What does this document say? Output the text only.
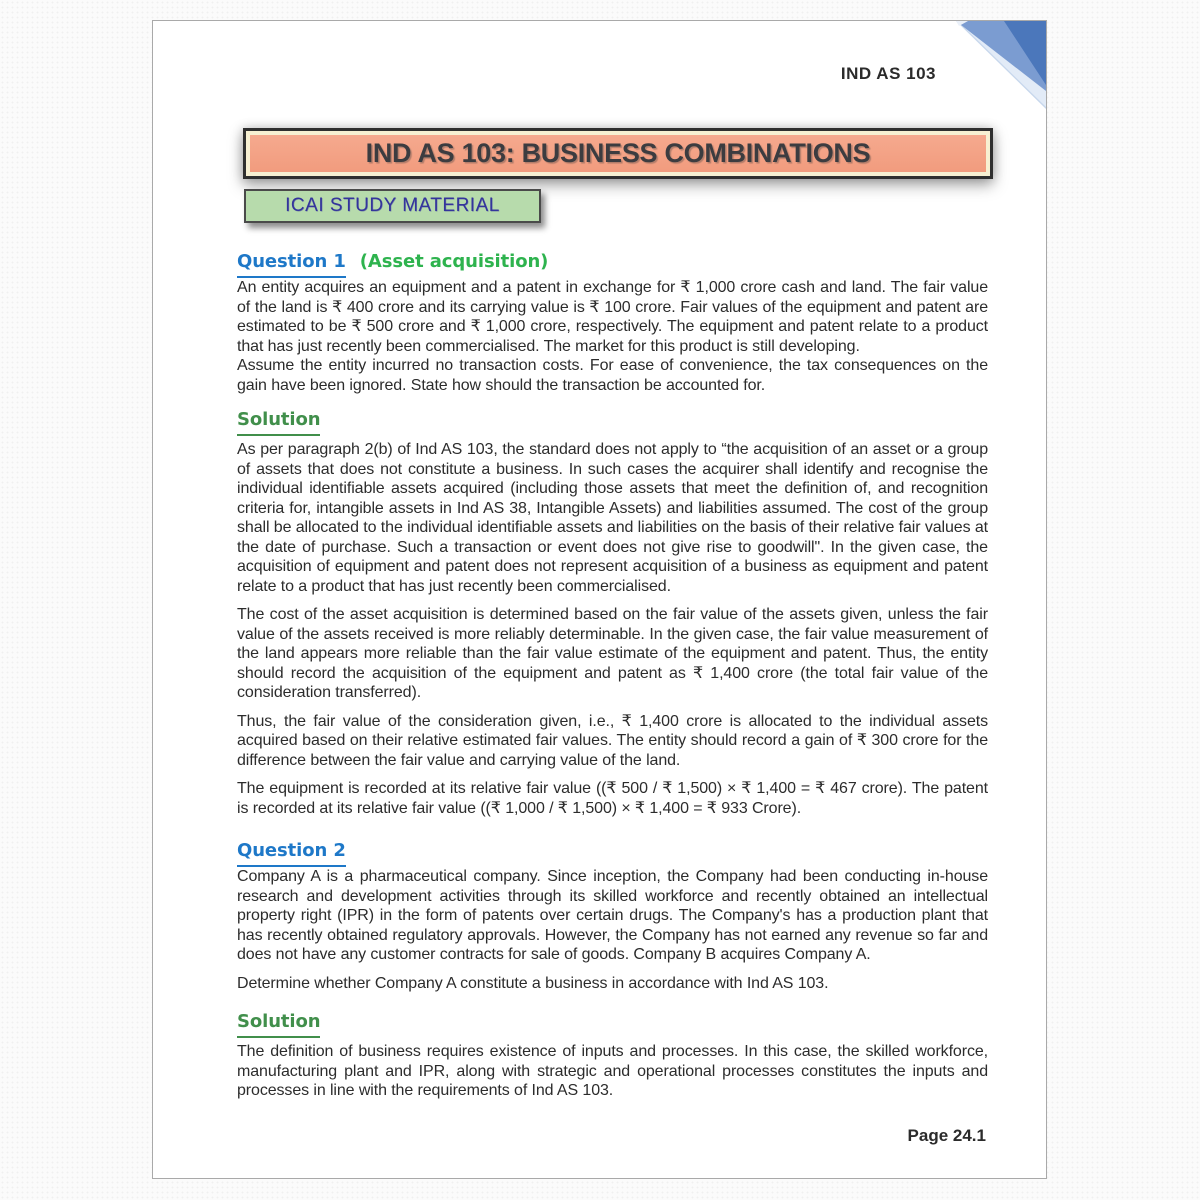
IND AS 103
IND AS 103: BUSINESS COMBINATIONS
ICAI STUDY MATERIAL
Question 1 (Asset acquisition)

An entity acquires an equipment and a patent in exchange for ₹ 1,000 crore cash and land. The fair value of the land is ₹ 400 crore and its carrying value is ₹ 100 crore. Fair values of the equipment and patent are estimated to be ₹ 500 crore and ₹ 1,000 crore, respectively. The equipment and patent relate to a product that has just recently been commercialised. The market for this product is still developing.

Assume the entity incurred no transaction costs. For ease of convenience, the tax consequences on the gain have been ignored. State how should the transaction be accounted for.

Solution

As per paragraph 2(b) of Ind AS 103, the standard does not apply to “the acquisition of an asset or a group of assets that does not constitute a business. In such cases the acquirer shall identify and recognise the individual identifiable assets acquired (including those assets that meet the definition of, and recognition criteria for, intangible assets in Ind AS 38, Intangible Assets) and liabilities assumed. The cost of the group shall be allocated to the individual identifiable assets and liabilities on the basis of their relative fair values at the date of purchase. Such a transaction or event does not give rise to goodwill". In the given case, the acquisition of equipment and patent does not represent acquisition of a business as equipment and patent relate to a product that has just recently been commercialised.

The cost of the asset acquisition is determined based on the fair value of the assets given, unless the fair value of the assets received is more reliably determinable. In the given case, the fair value measurement of the land appears more reliable than the fair value estimate of the equipment and patent. Thus, the entity should record the acquisition of the equipment and patent as ₹ 1,400 crore (the total fair value of the consideration transferred).

Thus, the fair value of the consideration given, i.e., ₹ 1,400 crore is allocated to the individual assets acquired based on their relative estimated fair values. The entity should record a gain of ₹ 300 crore for the difference between the fair value and carrying value of the land.

The equipment is recorded at its relative fair value ((₹ 500 / ₹ 1,500) × ₹ 1,400 = ₹ 467 crore). The patent is recorded at its relative fair value ((₹ 1,000 / ₹ 1,500) × ₹ 1,400 = ₹ 933 Crore).

Question 2

Company A is a pharmaceutical company. Since inception, the Company had been conducting in-house research and development activities through its skilled workforce and recently obtained an intellectual property right (IPR) in the form of patents over certain drugs. The Company's has a production plant that has recently obtained regulatory approvals. However, the Company has not earned any revenue so far and does not have any customer contracts for sale of goods. Company B acquires Company A.

Determine whether Company A constitute a business in accordance with Ind AS 103.

Solution

The definition of business requires existence of inputs and processes. In this case, the skilled workforce, manufacturing plant and IPR, along with strategic and operational processes constitutes the inputs and processes in line with the requirements of Ind AS 103.

Page 24.1
